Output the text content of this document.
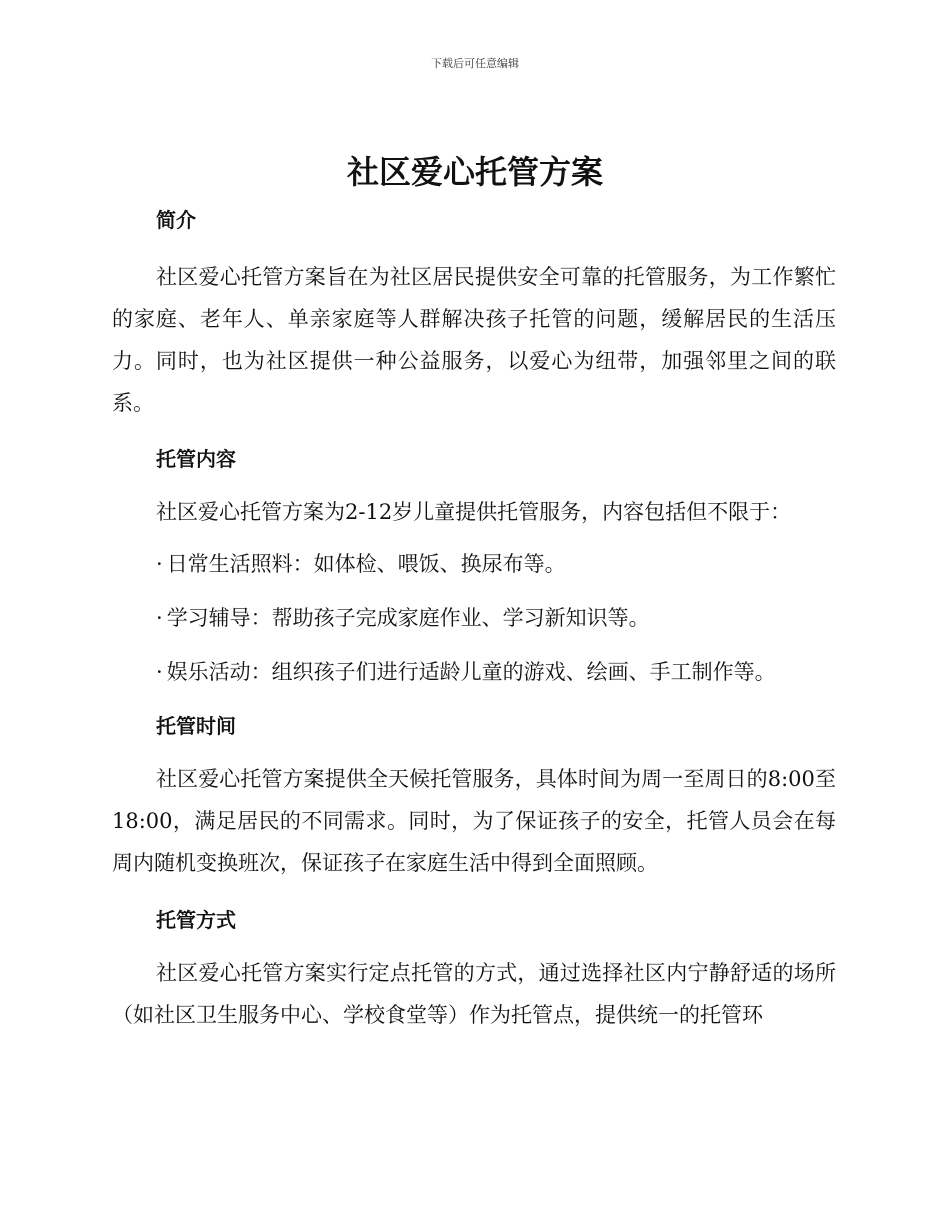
下载后可任意编辑
社区爱心托管方案
简介

社区爱心托管方案旨在为社区居民提供安全可靠的托管服务，为工作繁忙的家庭、老年人、单亲家庭等人群解决孩子托管的问题，缓解居民的生活压力。同时，也为社区提供一种公益服务，以爱心为纽带，加强邻里之间的联系。

托管内容

社区爱心托管方案为2-12岁儿童提供托管服务，内容包括但不限于：

· 日常生活照料：如体检、喂饭、换尿布等。
· 学习辅导：帮助孩子完成家庭作业、学习新知识等。
· 娱乐活动：组织孩子们进行适龄儿童的游戏、绘画、手工制作等。
托管时间

社区爱心托管方案提供全天候托管服务，具体时间为周一至周日的8:00至18:00，满足居民的不同需求。同时，为了保证孩子的安全，托管人员会在每周内随机变换班次，保证孩子在家庭生活中得到全面照顾。

托管方式

社区爱心托管方案实行定点托管的方式，通过选择社区内宁静舒适的场所（如社区卫生服务中心、学校食堂等）作为托管点，提供统一的托管环
